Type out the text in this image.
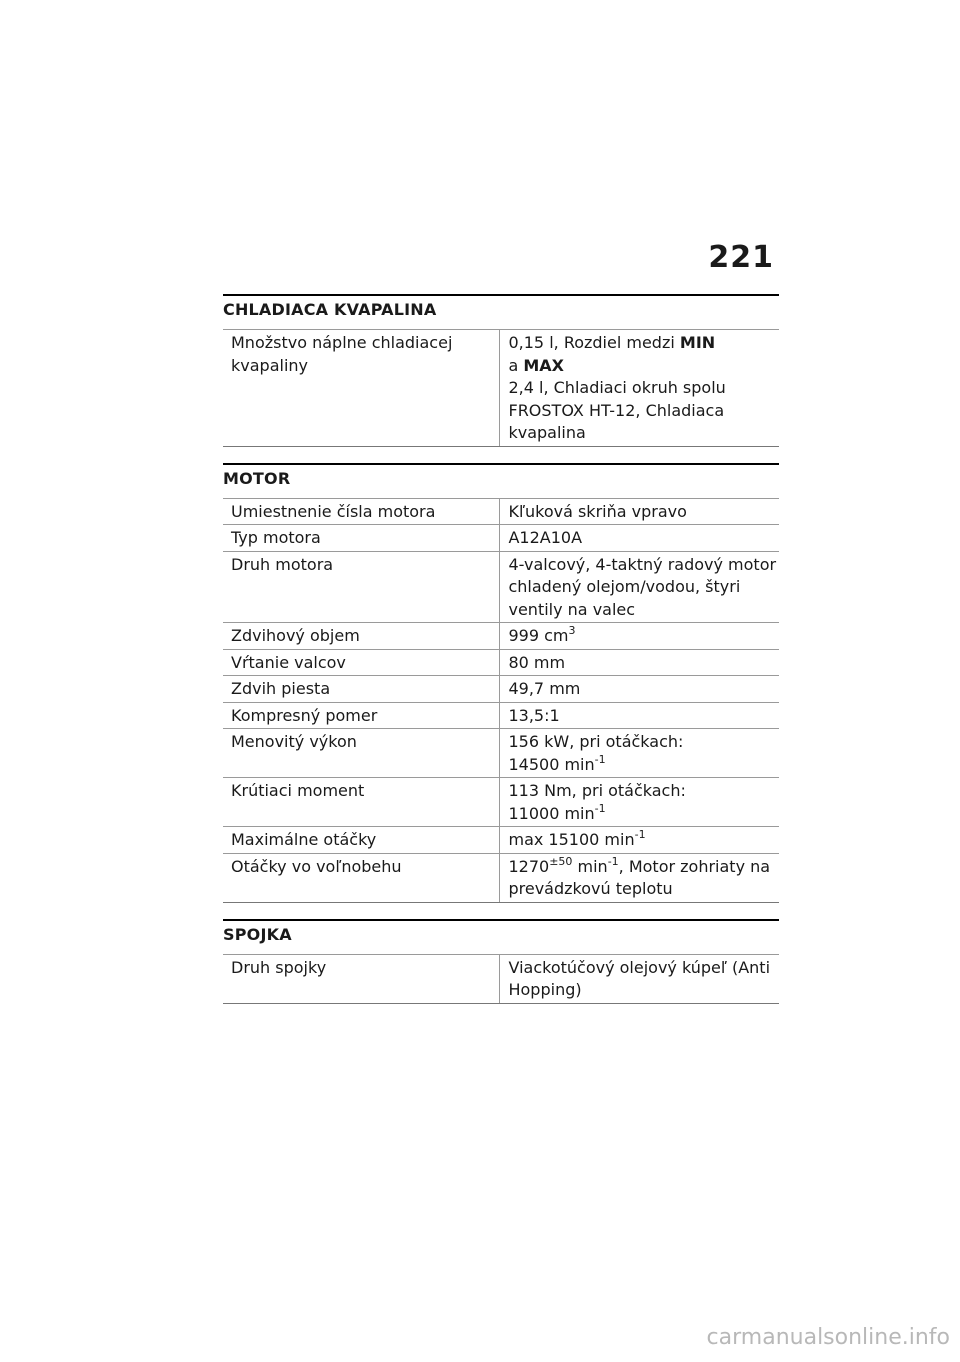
221
CHLADIACA KVAPALINA
Množstvo náplne chladiacej kvapaliny	0,15 l, Rozdiel medzi MIN
a MAX
2,4 l, Chladiaci okruh spolu
FROSTOX HT-12, Chladiaca kvapalina
MOTOR
Umiestnenie čísla motora	Kľuková skriňa vpravo
Typ motora	A12A10A
Druh motora	4-valcový, 4-taktný radový motor chladený olejom/vodou, štyri ventily na valec
Zdvihový objem	999 $cm^3$
Vŕtanie valcov	80 mm
Zdvih piesta	49,7 mm
Kompresný pomer	13,5:1
Menovitý výkon	156 kW, pri otáčkach:
14500 $\min^{-1}$
Krútiaci moment	113 Nm, pri otáčkach:
11000 $\min^{-1}$
Maximálne otáčky	max 15100 $\min^{-1}$
Otáčky vo voľnobehu	$1270^{\pm 50}$ $\min^{-1}$, Motor zohriaty na prevádzkovú teplotu
SPOJKA
Druh spojky	Viackotúčový olejový kúpeľ (Anti Hopping)
carmanualsonline.info
